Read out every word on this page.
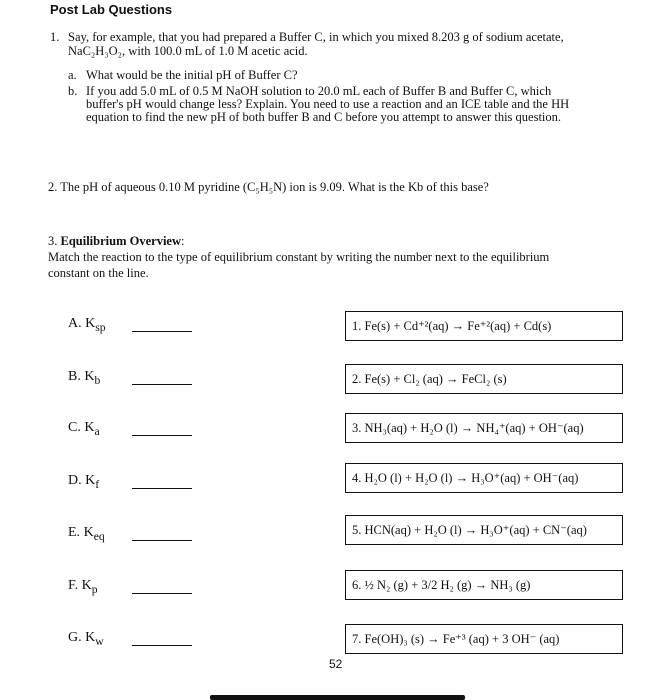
Post Lab Questions
1. Say, for example, that you had prepared a Buffer C, in which you mixed 8.203 g of sodium acetate,
NaC₂H₃O₂, with 100.0 mL of 1.0 M acetic acid.
a. What would be the initial pH of Buffer C?
b. If you add 5.0 mL of 0.5 M NaOH solution to 20.0 mL each of Buffer B and Buffer C, which
buffer's pH would change less? Explain. You need to use a reaction and an ICE table and the HH
equation to find the new pH of both buffer B and C before you attempt to answer this question.
2. The pH of aqueous 0.10 M pyridine (C₅H₅N) ion is 9.09. What is the Kb of this base?
3. Equilibrium Overview:
Match the reaction to the type of equilibrium constant by writing the number next to the equilibrium
constant on the line.
A. $K_{sp}$
B. $K_b$
C. $K_a$
D. $K_f$
E. $K_{eq}$
F. $K_p$
G. $K_w$
1. Fe(s) + Cd⁺²(aq) → Fe⁺²(aq) + Cd(s)
2. Fe(s) + Cl₂ (aq) → FeCl₂ (s)
3. NH₃(aq) + H₂O (l) → NH₄⁺(aq) + OH⁻(aq)
4. H₂O (l) + H₂O (l) → H₃O⁺(aq) + OH⁻(aq)
5. HCN(aq) + H₂O (l) → H₃O⁺(aq) + CN⁻(aq)
6. ½ N₂ (g) + 3/2 H₂ (g) → NH₃ (g)
7. Fe(OH)₃ (s) → Fe⁺³ (aq) + 3 OH⁻ (aq)
52
